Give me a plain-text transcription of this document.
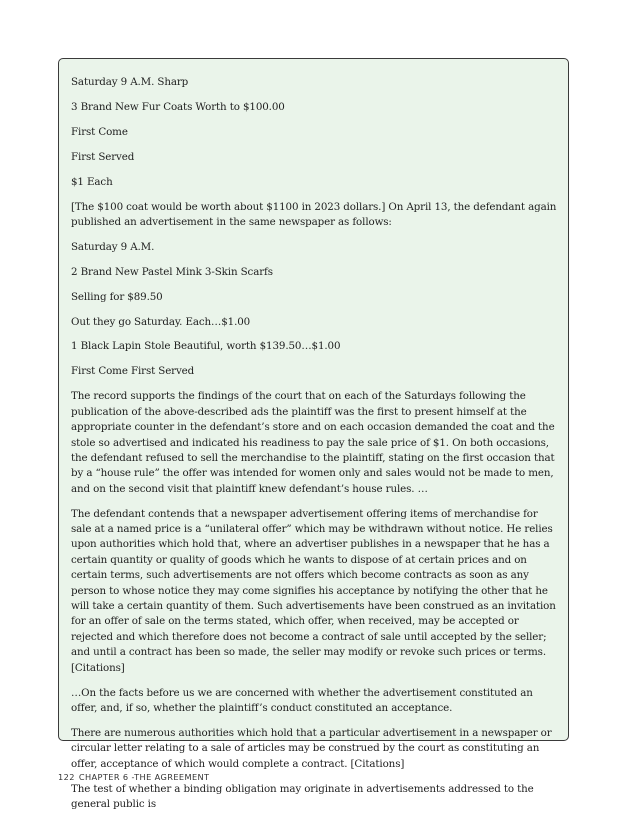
Saturday 9 A.M. Sharp

3 Brand New Fur Coats Worth to $100.00

First Come

First Served

$1 Each

[The $100 coat would be worth about $1100 in 2023 dollars.] On April 13, the defendant again published an advertisement in the same newspaper as follows:

Saturday 9 A.M.

2 Brand New Pastel Mink 3-Skin Scarfs

Selling for $89.50

Out they go Saturday. Each…$1.00

1 Black Lapin Stole Beautiful, worth $139.50…$1.00

First Come First Served

The record supports the findings of the court that on each of the Saturdays following the publication of the above-described ads the plaintiff was the first to present himself at the appropriate counter in the defendant’s store and on each occasion demanded the coat and the stole so advertised and indicated his readiness to pay the sale price of $1. On both occasions, the defendant refused to sell the merchandise to the plaintiff, stating on the first occasion that by a “house rule” the offer was intended for women only and sales would not be made to men, and on the second visit that plaintiff knew defendant’s house rules. …

The defendant contends that a newspaper advertisement offering items of merchandise for sale at a named price is a “unilateral offer” which may be withdrawn without notice. He relies upon authorities which hold that, where an advertiser publishes in a newspaper that he has a certain quantity or quality of goods which he wants to dispose of at certain prices and on certain terms, such advertisements are not offers which become contracts as soon as any person to whose notice they may come signifies his acceptance by notifying the other that he will take a certain quantity of them. Such advertisements have been construed as an invitation for an offer of sale on the terms stated, which offer, when received, may be accepted or rejected and which therefore does not become a contract of sale until accepted by the seller; and until a contract has been so made, the seller may modify or revoke such prices or terms. [Citations]

…On the facts before us we are concerned with whether the advertisement constituted an offer, and, if so, whether the plaintiff’s conduct constituted an acceptance.

There are numerous authorities which hold that a particular advertisement in a newspaper or circular letter relating to a sale of articles may be construed by the court as constituting an offer, acceptance of which would complete a contract. [Citations]

The test of whether a binding obligation may originate in advertisements addressed to the general public is

122 CHAPTER 6 -THE AGREEMENT
